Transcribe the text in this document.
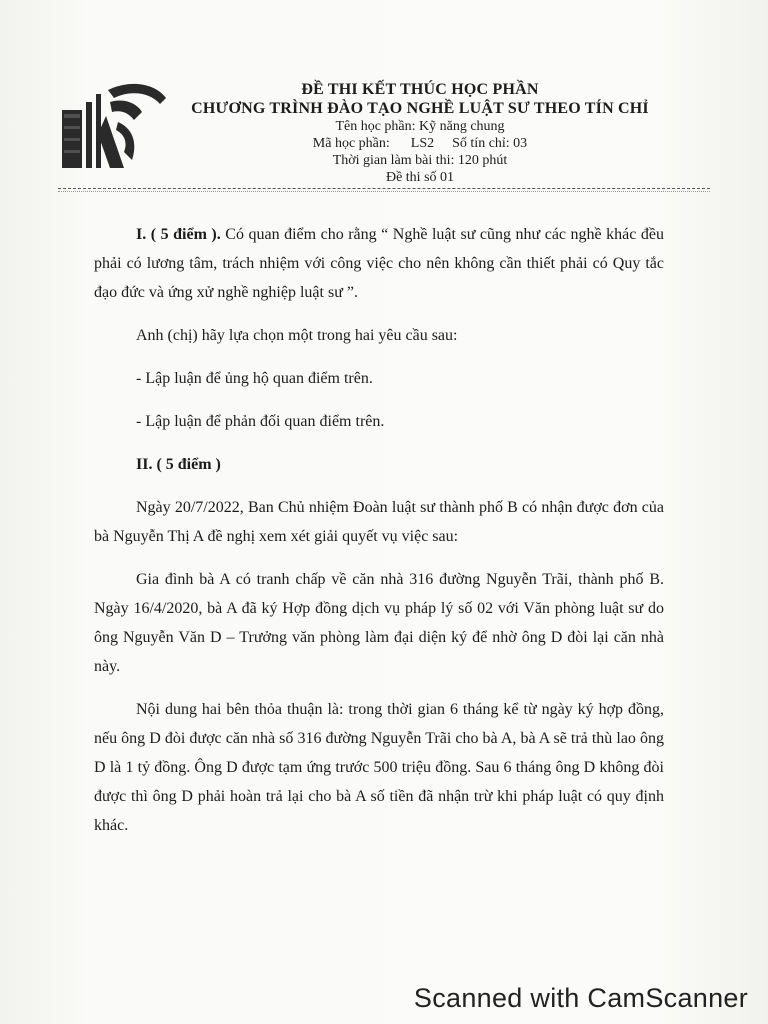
ĐỀ THI KẾT THÚC HỌC PHẦN
CHƯƠNG TRÌNH ĐÀO TẠO NGHỀ LUẬT SƯ THEO TÍN CHỈ
Tên học phần: Kỹ năng chung
Mã học phần:      LS2 Số tín chỉ: 03
Thời gian làm bài thi: 120 phút
Đề thi số 01

I. ( 5 điểm ). Có quan điểm cho rằng “ Nghề luật sư cũng như các nghề khác đều phải có lương tâm, trách nhiệm với công việc cho nên không cần thiết phải có Quy tắc đạo đức và ứng xử nghề nghiệp luật sư ”.

Anh (chị) hãy lựa chọn một trong hai yêu cầu sau:

- Lập luận để ủng hộ quan điểm trên.

- Lập luận để phản đối quan điểm trên.

II. ( 5 điểm )

Ngày 20/7/2022, Ban Chủ nhiệm Đoàn luật sư thành phố B có nhận được đơn của bà Nguyễn Thị A đề nghị xem xét giải quyết vụ việc sau:

Gia đình bà A có tranh chấp về căn nhà 316 đường Nguyễn Trãi, thành phố B. Ngày 16/4/2020, bà A đã ký Hợp đồng dịch vụ pháp lý số 02 với Văn phòng luật sư do ông Nguyễn Văn D – Trưởng văn phòng làm đại diện ký để nhờ ông D đòi lại căn nhà này.

Nội dung hai bên thỏa thuận là: trong thời gian 6 tháng kể từ ngày ký hợp đồng, nếu ông D đòi được căn nhà số 316 đường Nguyễn Trãi cho bà A, bà A sẽ trả thù lao ông D là 1 tỷ đồng. Ông D được tạm ứng trước 500 triệu đồng. Sau 6 tháng ông D không đòi được thì ông D phải hoàn trả lại cho bà A số tiền đã nhận trừ khi pháp luật có quy định khác.

Scanned with CamScanner
